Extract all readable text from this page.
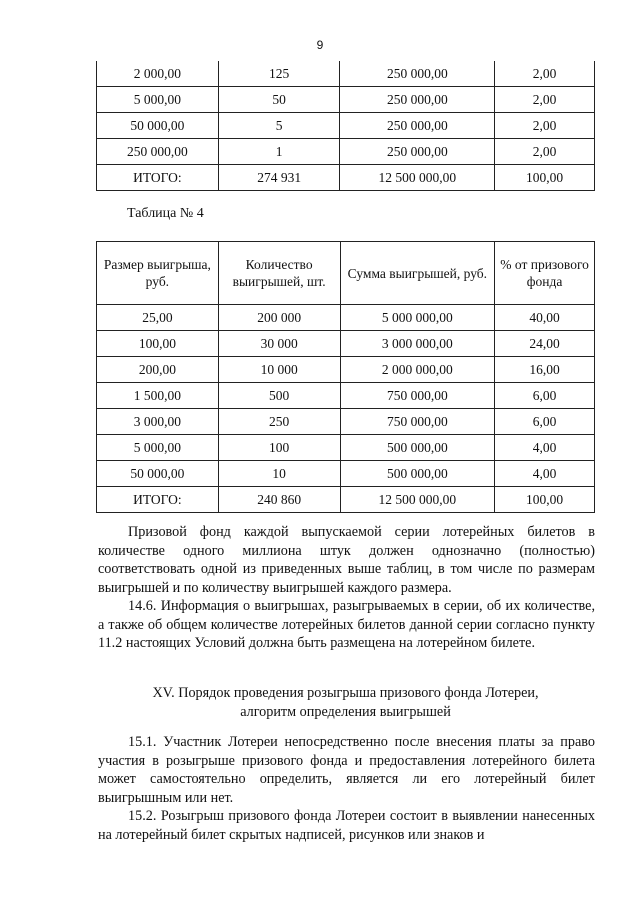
9
2 000,00	125	250 000,00	2,00
5 000,00	50	250 000,00	2,00
50 000,00	5	250 000,00	2,00
250 000,00	1	250 000,00	2,00
ИТОГО:	274 931	12 500 000,00	100,00
Таблица № 4
Размер выигрыша, руб.	Количество выигрышей, шт.	Сумма выигрышей, руб.	% от призового фонда
25,00	200 000	5 000 000,00	40,00
100,00	30 000	3 000 000,00	24,00
200,00	10 000	2 000 000,00	16,00
1 500,00	500	750 000,00	6,00
3 000,00	250	750 000,00	6,00
5 000,00	100	500 000,00	4,00
50 000,00	10	500 000,00	4,00
ИТОГО:	240 860	12 500 000,00	100,00

Призовой фонд каждой выпускаемой серии лотерейных билетов в количестве одного миллиона штук должен однозначно (полностью) соответствовать одной из приведенных выше таблиц, в том числе по размерам выигрышей и по количеству выигрышей каждого размера.

14.6. Информация о выигрышах, разыгрываемых в серии, об их количестве, а также об общем количестве лотерейных билетов данной серии согласно пункту 11.2 настоящих Условий должна быть размещена на лотерейном билете.

XV. Порядок проведения розыгрыша призового фонда Лотереи,
алгоритм определения выигрышей

15.1. Участник Лотереи непосредственно после внесения платы за право участия в розыгрыше призового фонда и предоставления лотерейного билета может самостоятельно определить, является ли его лотерейный билет выигрышным или нет.

15.2. Розыгрыш призового фонда Лотереи состоит в выявлении нанесенных на лотерейный билет скрытых надписей, рисунков или знаков и
